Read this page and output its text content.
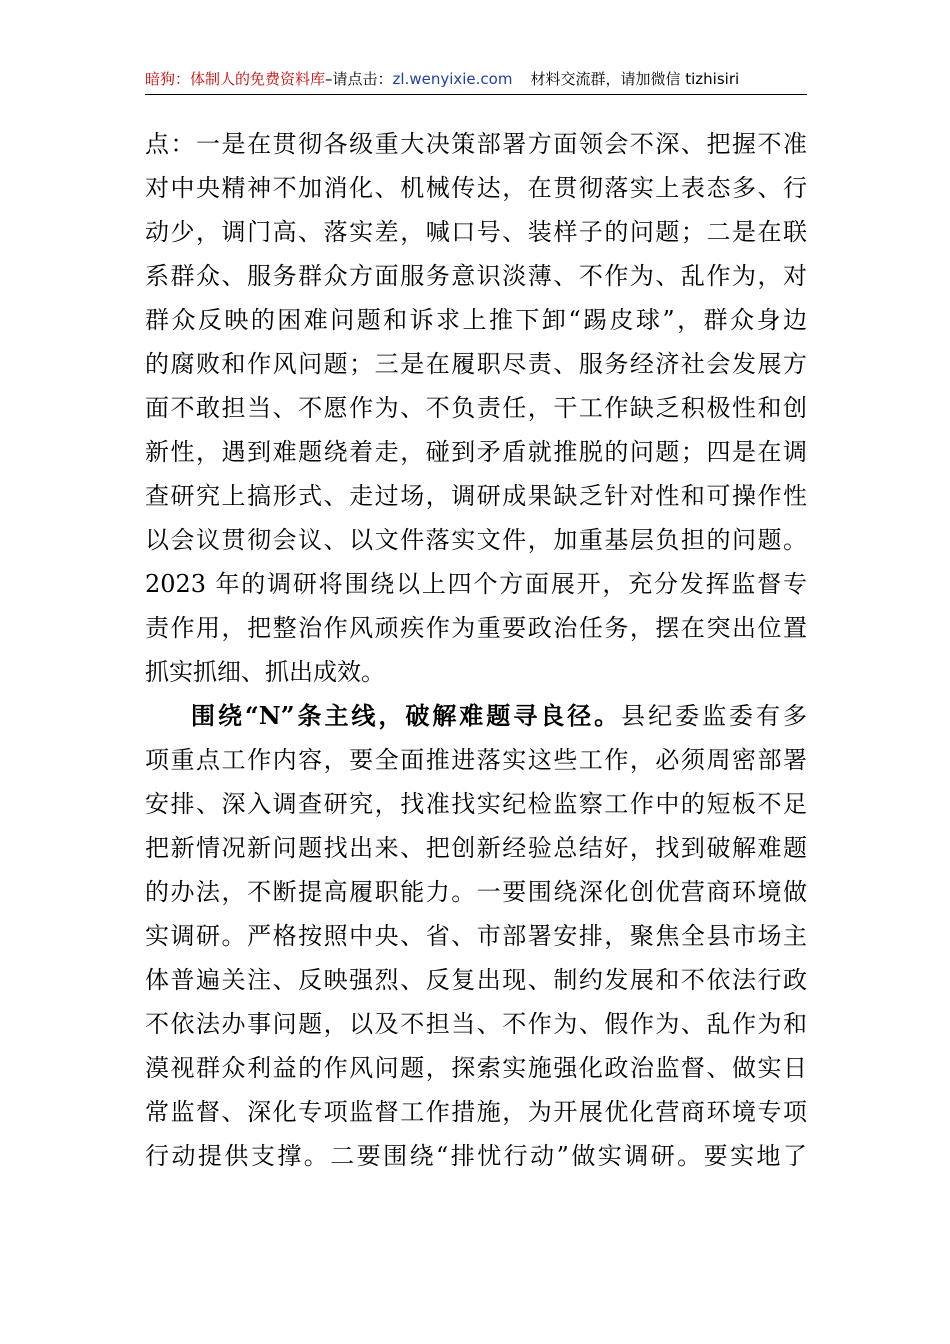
暗狗：体制人的免费资料库–请点击：zl.wenyixie.com 材料交流群，请加微信 tizhisiri
点：一是在贯彻各级重大决策部署方面领会不深、把握不准
对中央精神不加消化、机械传达，在贯彻落实上表态多、行
动少，调门高、落实差，喊口号、装样子的问题；二是在联
系群众、服务群众方面服务意识淡薄、不作为、乱作为，对
群众反映的困难问题和诉求上推下卸“踢皮球”，群众身边
的腐败和作风问题；三是在履职尽责、服务经济社会发展方
面不敢担当、不愿作为、不负责任，干工作缺乏积极性和创
新性，遇到难题绕着走，碰到矛盾就推脱的问题；四是在调
查研究上搞形式、走过场，调研成果缺乏针对性和可操作性
以会议贯彻会议、以文件落实文件，加重基层负担的问题。
2023 年的调研将围绕以上四个方面展开，充分发挥监督专
责作用，把整治作风顽疾作为重要政治任务，摆在突出位置
抓实抓细、抓出成效。
围绕“N”条主线，破解难题寻良径。县纪委监委有多
项重点工作内容，要全面推进落实这些工作，必须周密部署
安排、深入调查研究，找准找实纪检监察工作中的短板不足
把新情况新问题找出来、把创新经验总结好，找到破解难题
的办法，不断提高履职能力。一要围绕深化创优营商环境做
实调研。严格按照中央、省、市部署安排，聚焦全县市场主
体普遍关注、反映强烈、反复出现、制约发展和不依法行政
不依法办事问题，以及不担当、不作为、假作为、乱作为和
漠视群众利益的作风问题，探索实施强化政治监督、做实日
常监督、深化专项监督工作措施，为开展优化营商环境专项
行动提供支撑。二要围绕“排忧行动”做实调研。要实地了
